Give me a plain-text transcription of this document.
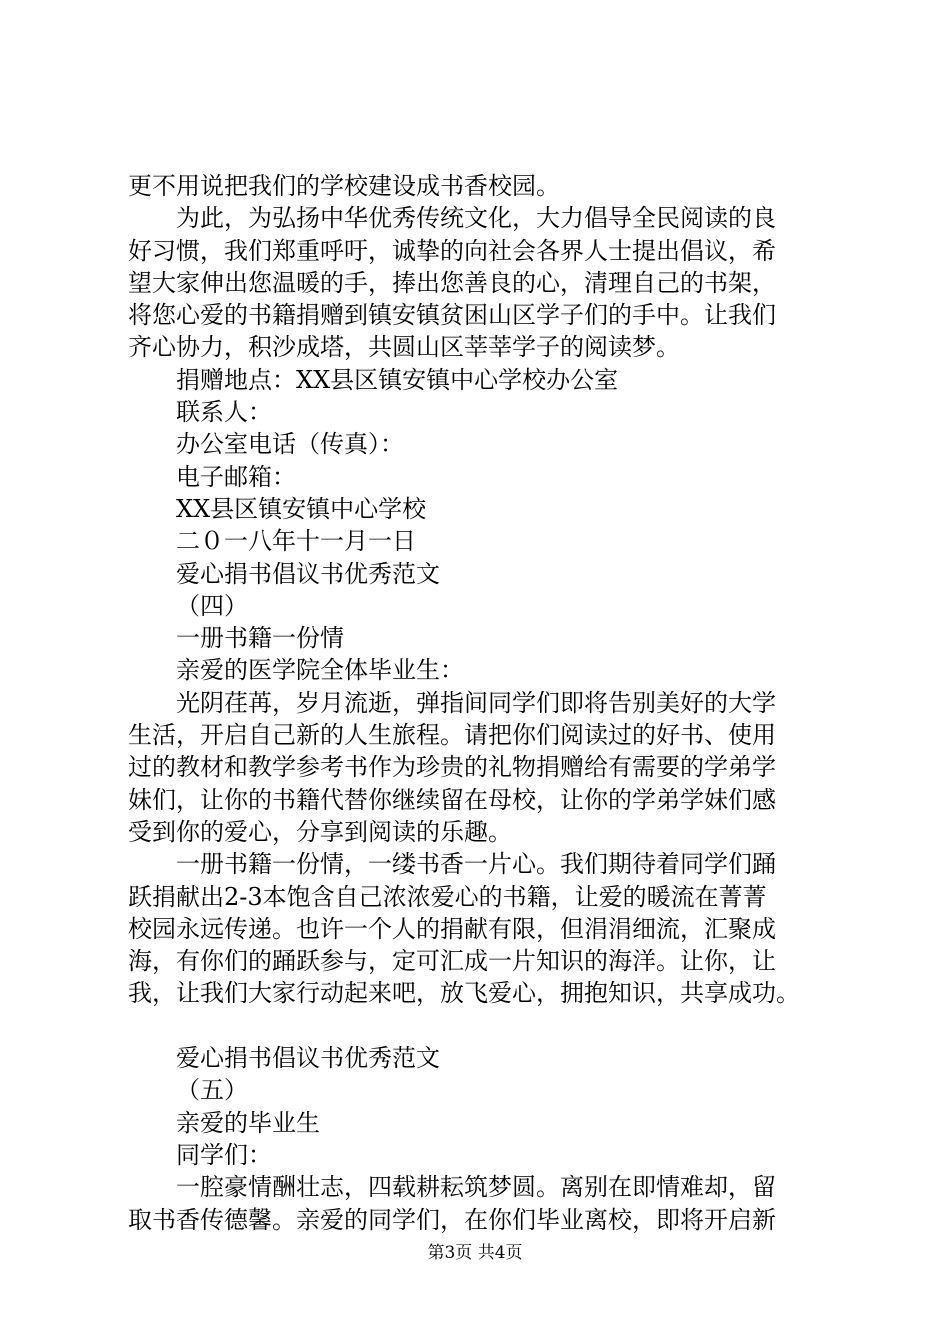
更不用说把我们的学校建设成书香校园。
为此，为弘扬中华优秀传统文化，大力倡导全民阅读的良
好习惯，我们郑重呼吁，诚挚的向社会各界人士提出倡议，希
望大家伸出您温暖的手，捧出您善良的心，清理自己的书架，
将您心爱的书籍捐赠到镇安镇贫困山区学子们的手中。让我们
齐心协力，积沙成塔，共圆山区莘莘学子的阅读梦。
捐赠地点：XX县区镇安镇中心学校办公室
联系人：
办公室电话（传真）：
电子邮箱：
XX县区镇安镇中心学校
二０一八年十一月一日
爱心捐书倡议书优秀范文
（四）
一册书籍一份情
亲爱的医学院全体毕业生：
光阴荏苒，岁月流逝，弹指间同学们即将告别美好的大学
生活，开启自己新的人生旅程。请把你们阅读过的好书、使用
过的教材和教学参考书作为珍贵的礼物捐赠给有需要的学弟学
妹们，让你的书籍代替你继续留在母校，让你的学弟学妹们感
受到你的爱心，分享到阅读的乐趣。
一册书籍一份情，一缕书香一片心。我们期待着同学们踊
跃捐献出2-3本饱含自己浓浓爱心的书籍，让爱的暖流在菁菁
校园永远传递。也许一个人的捐献有限，但涓涓细流，汇聚成
海，有你们的踊跃参与，定可汇成一片知识的海洋。让你，让
我，让我们大家行动起来吧，放飞爱心，拥抱知识，共享成功。
爱心捐书倡议书优秀范文
（五）
亲爱的毕业生
同学们：
一腔豪情酬壮志，四载耕耘筑梦圆。离别在即情难却，留
取书香传德馨。亲爱的同学们，在你们毕业离校，即将开启新
第3页 共4页
